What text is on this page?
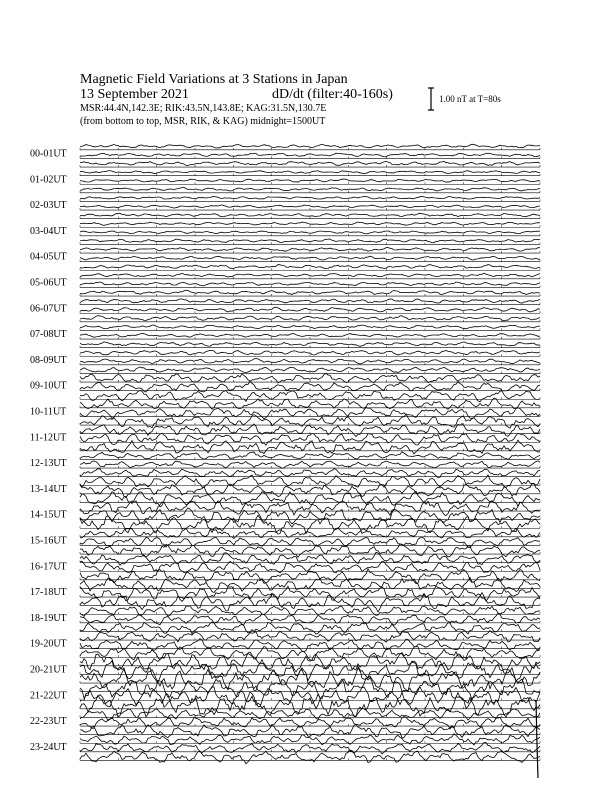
Magnetic Field Variations at 3 Stations in Japan
13 September 2021	dD/dt (filter:40-160s)
MSR:44.4N,142.3E; RIK:43.5N,143.8E; KAG:31.5N,130.7E
(from bottom to top, MSR, RIK, & KAG) midnight=1500UT
1.00 nT at T=80s
00-01UT
01-02UT
02-03UT
03-04UT
04-05UT
05-06UT
06-07UT
07-08UT
08-09UT
09-10UT
10-11UT
11-12UT
12-13UT
13-14UT
14-15UT
15-16UT
16-17UT
17-18UT
18-19UT
19-20UT
20-21UT
21-22UT
22-23UT
23-24UT
